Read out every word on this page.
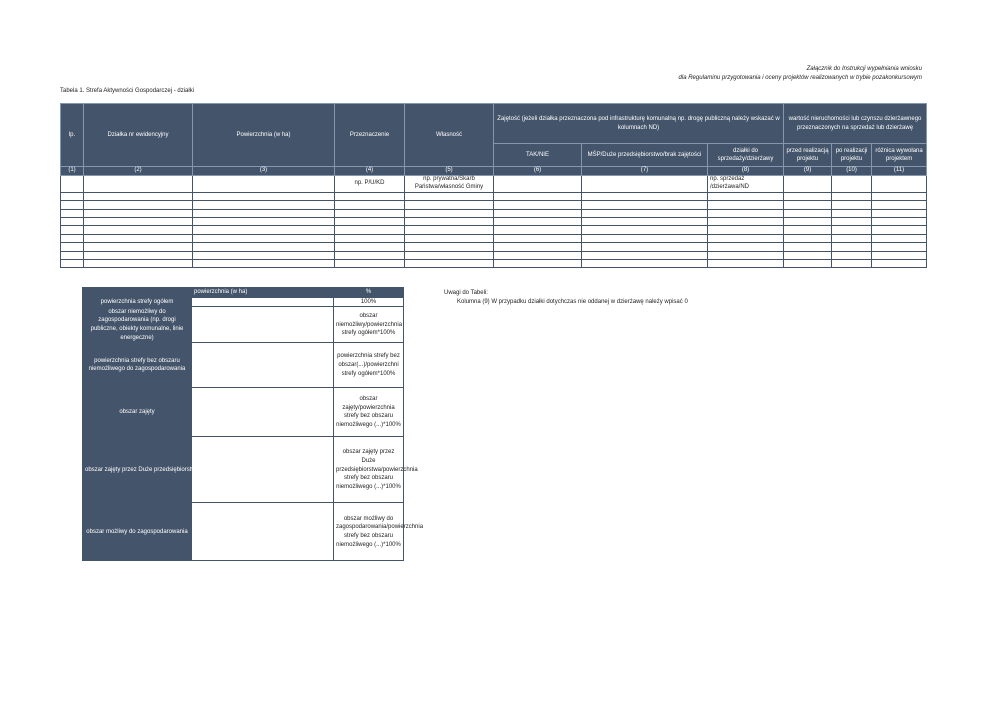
Załącznik do Instrukcji wypełniania wniosku
dla Regulaminu przygotowania i oceny projektów realizowanych w trybie pozakonkursowym
Tabela 1. Strefa Aktywności Gospodarczej - działki
lp.	Działka nr ewidencyjny	Powierzchnia (w ha)	Przeznaczenie	Własność	Zajętość (jeżeli działka przeznaczona pod infrastrukturę komunalną np. drogę publiczną należy wskazać w kolumnach ND)			wartość nieruchomości lub czynszu dzierżawnego przeznaczonych na sprzedaż lub dzierżawę		
					TAK/NIE	MŚP/Duże przedsiębiorstwo/brak zajętości	działki do sprzedaży/dzierżawy	przed realizacją projektu	po realizacji projektu	różnica wywołana projektem
(1)	(2)	(3)	(4)	(5)	(6)	(7)	(8)	(9)	(10)	(11)
			np. P/U/KD	np. prywatna/Skarb Państwa/własność Gminy			np. sprzedaż /dzierżawa/ND			

	powierzchnia (w ha)	%
powierzchnia strefy ogółem		100%
obszar niemożliwy do zagospodarowania (np. drogi publiczne, obiekty komunalne, linie energeczne)		obszar niemożliwy/powierzchnia strefy ogółem*100%
powierzchnia strefy bez obszaru niemożliwego do zagospodarowania		powierzchnia strefy bez obszar(...)/powierzchni strefy ogółem*100%
obszar zajęty		obszar zajęty/powierzchnia strefy bez obszaru niemożliwego (...)*100%
obszar zajęty przez Duże przedsiębiorstwa		obszar zajęty przez Duże przedsiębiorstwa/powierzchnia strefy bez obszaru niemożliwego (...)*100%
obszar możliwy do zagospodarowania		obszar możliwy do zagospodarowania/powierzchnia strefy bez obszaru niemożliwego (...)*100%
Uwagi do Tabeli:
Kolumna (9) W przypadku działki dotychczas nie oddanej w dzierżawę należy wpisać 0
